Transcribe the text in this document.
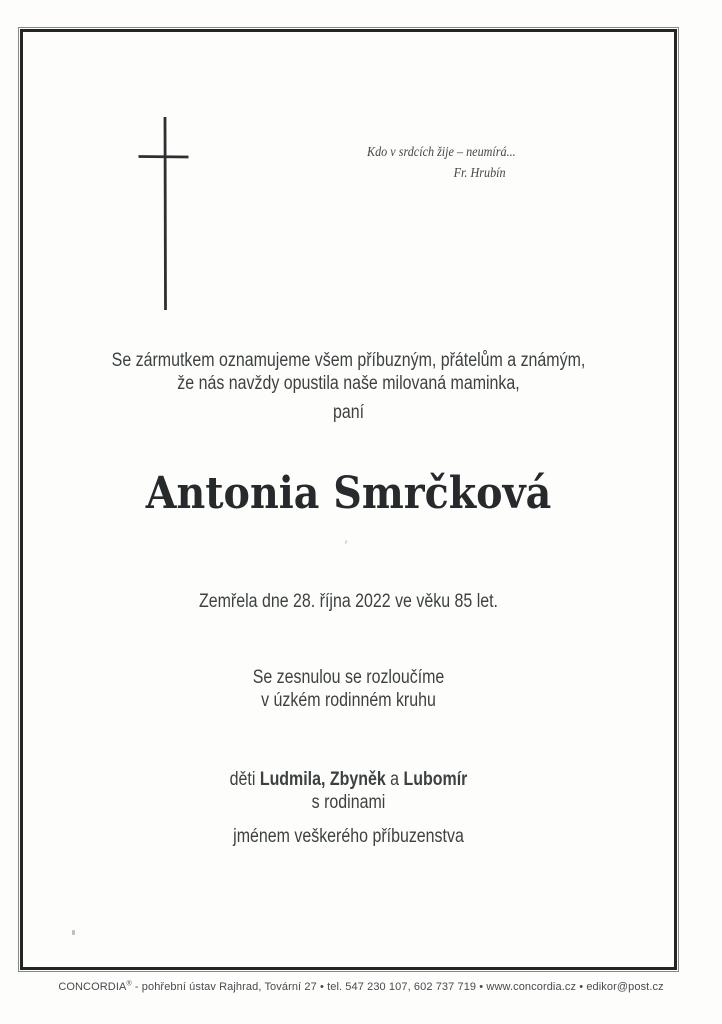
Kdo v srdcích žije – neumírá...
Fr. Hrubín
Se zármutkem oznamujeme všem příbuzným, přátelům a známým,
že nás navždy opustila naše milovaná maminka,
paní
Antonia Smrčková
Zemřela dne 28. října 2022 ve věku 85 let.
Se zesnulou se rozloučíme
v úzkém rodinném kruhu
děti Ludmila, Zbyněk a Lubomír
s rodinami
jménem veškerého příbuzenstva
CONCORDIA® - pohřební ústav Rajhrad, Tovární 27 • tel. 547 230 107, 602 737 719 • www.concordia.cz • edikor@post.cz
